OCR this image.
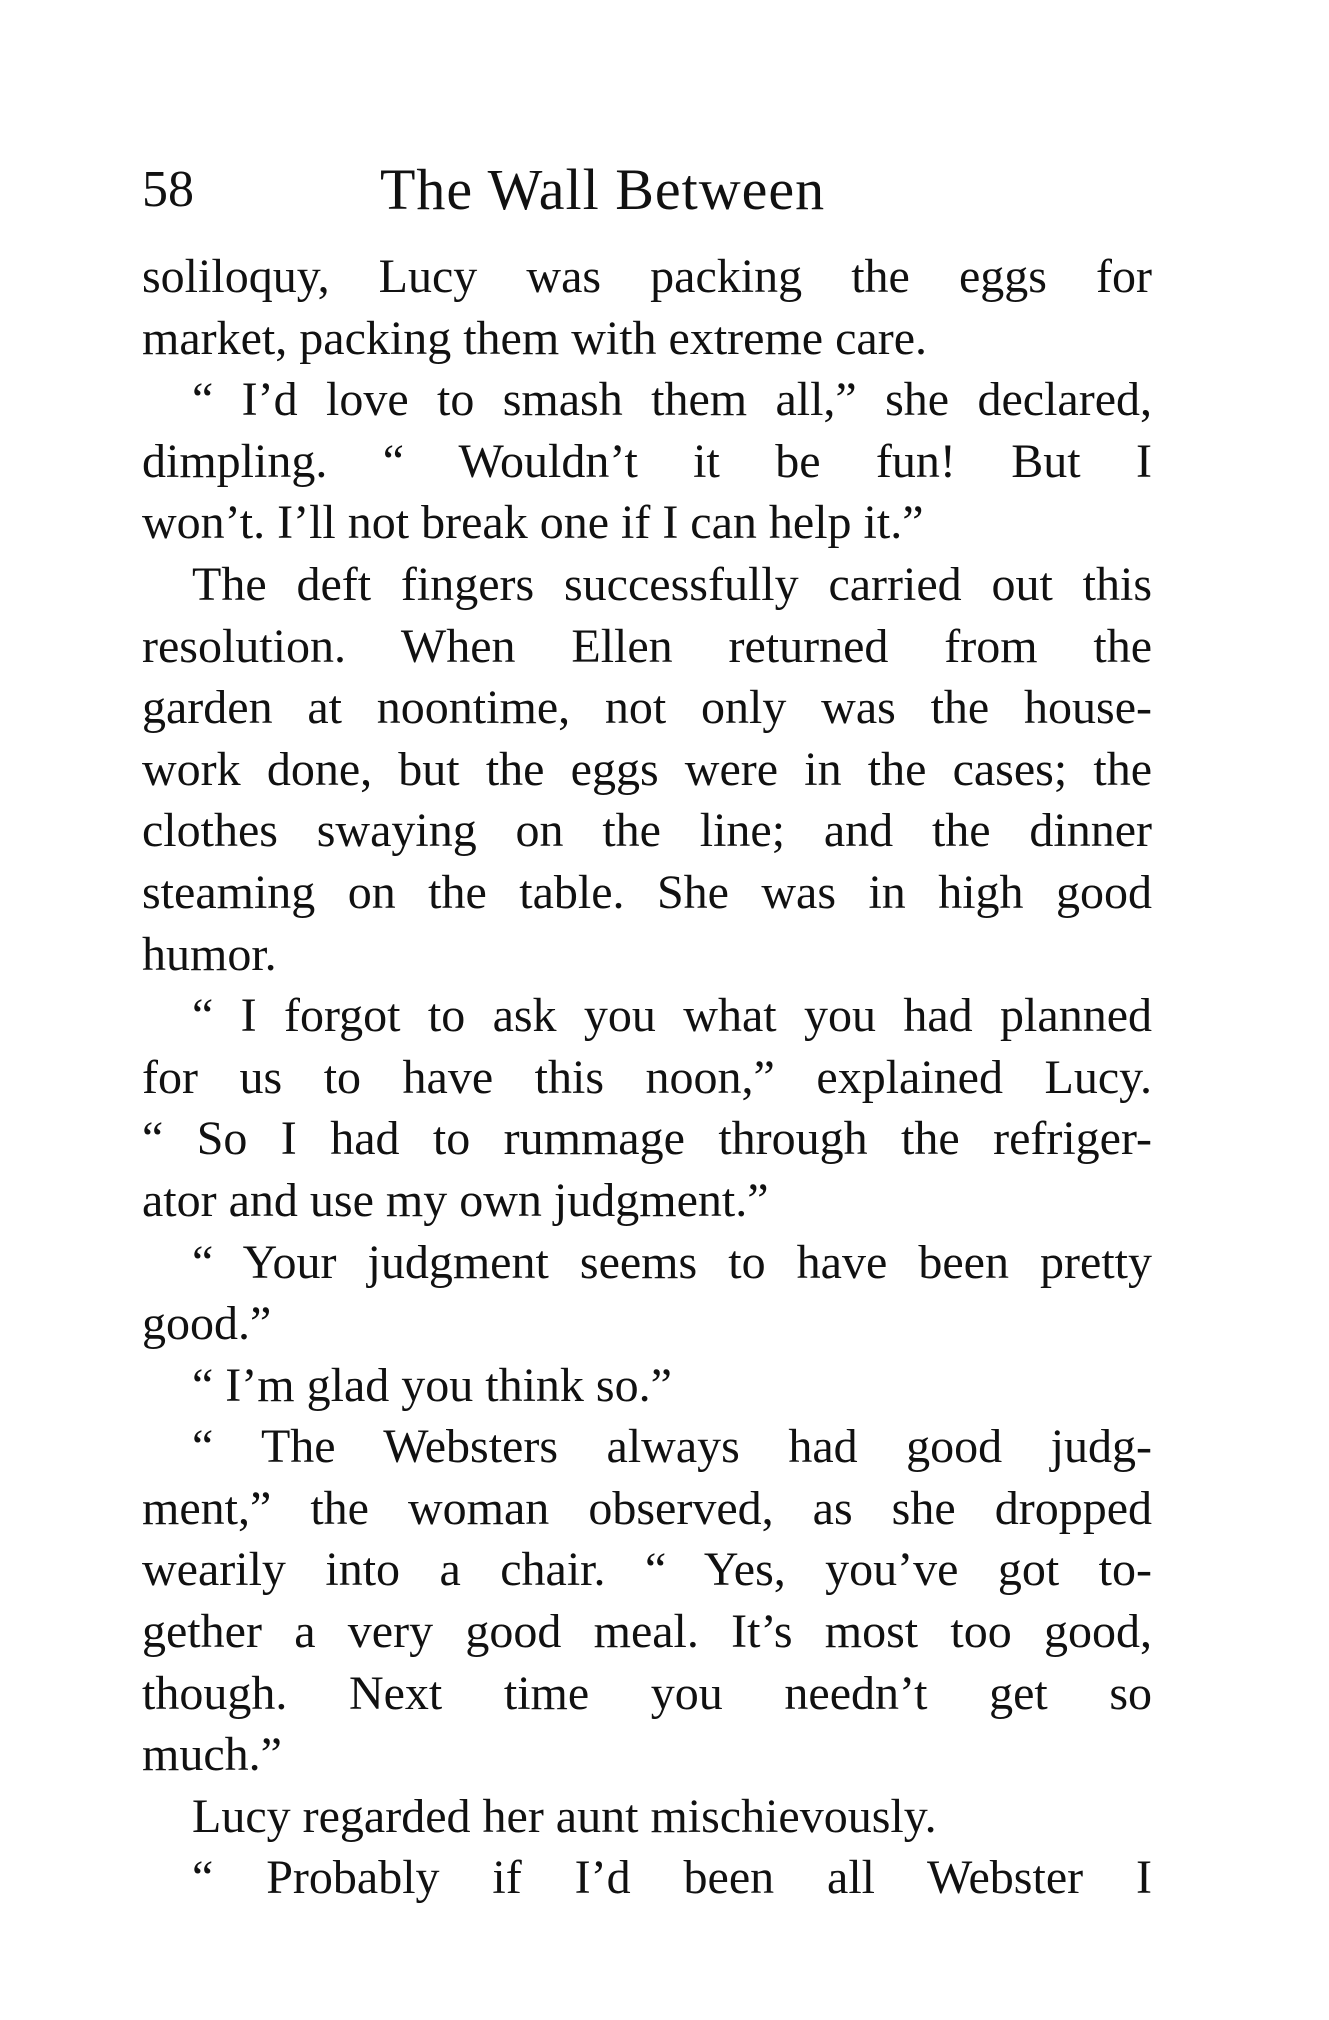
58	The Wall Between
soliloquy, Lucy was packing the eggs for
market, packing them with extreme care.
“ I’d love to smash them all,” she declared,
dimpling. “ Wouldn’t it be fun! But I
won’t. I’ll not break one if I can help it.”
The deft fingers successfully carried out this
resolution. When Ellen returned from the
garden at noontime, not only was the house-
work done, but the eggs were in the cases; the
clothes swaying on the line; and the dinner
steaming on the table. She was in high good
humor.
“ I forgot to ask you what you had planned
for us to have this noon,” explained Lucy.
“ So I had to rummage through the refriger-
ator and use my own judgment.”
“ Your judgment seems to have been pretty
good.”
“ I’m glad you think so.”
“ The Websters always had good judg-
ment,” the woman observed, as she dropped
wearily into a chair. “ Yes, you’ve got to-
gether a very good meal. It’s most too good,
though. Next time you needn’t get so
much.”
Lucy regarded her aunt mischievously.
“ Probably if I’d been all Webster I
